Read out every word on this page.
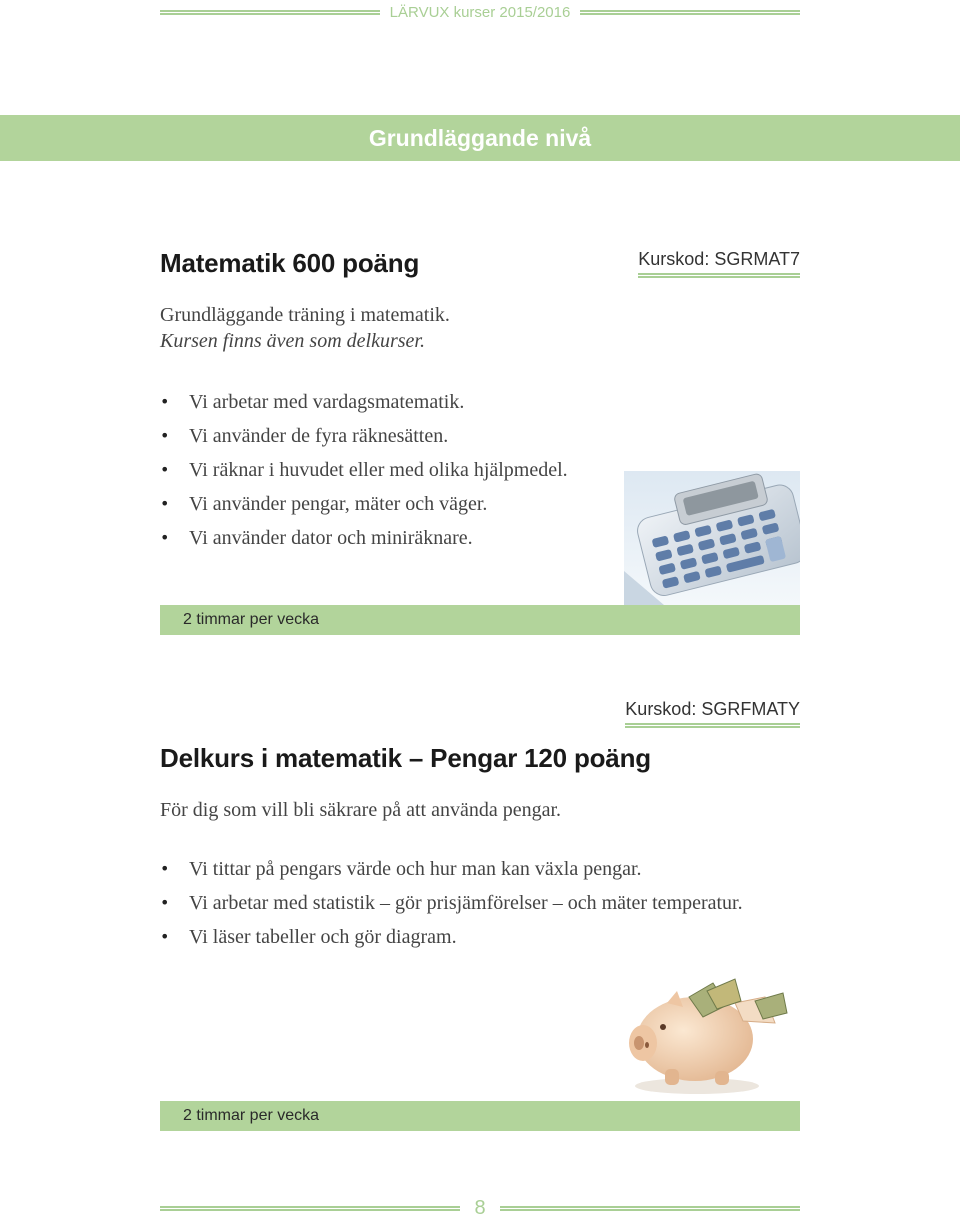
LÄRVUX kurser 2015/2016
Grundläggande nivå
Matematik 600 poäng	Kurskod: SGRMAT7
Grundläggande träning i matematik.
Kursen finns även som delkurser.
• Vi arbetar med vardagsmatematik.
• Vi använder de fyra räknesätten.
• Vi räknar i huvudet eller med olika hjälpmedel.
• Vi använder pengar, mäter och väger.
• Vi använder dator och miniräknare.
2 timmar per vecka
Kurskod: SGRFMATY
Delkurs i matematik – Pengar 120 poäng
För dig som vill bli säkrare på att använda pengar.
• Vi tittar på pengars värde och hur man kan växla pengar.
• Vi arbetar med statistik – gör prisjämförelser – och mäter temperatur.
• Vi läser tabeller och gör diagram.
2 timmar per vecka
8
